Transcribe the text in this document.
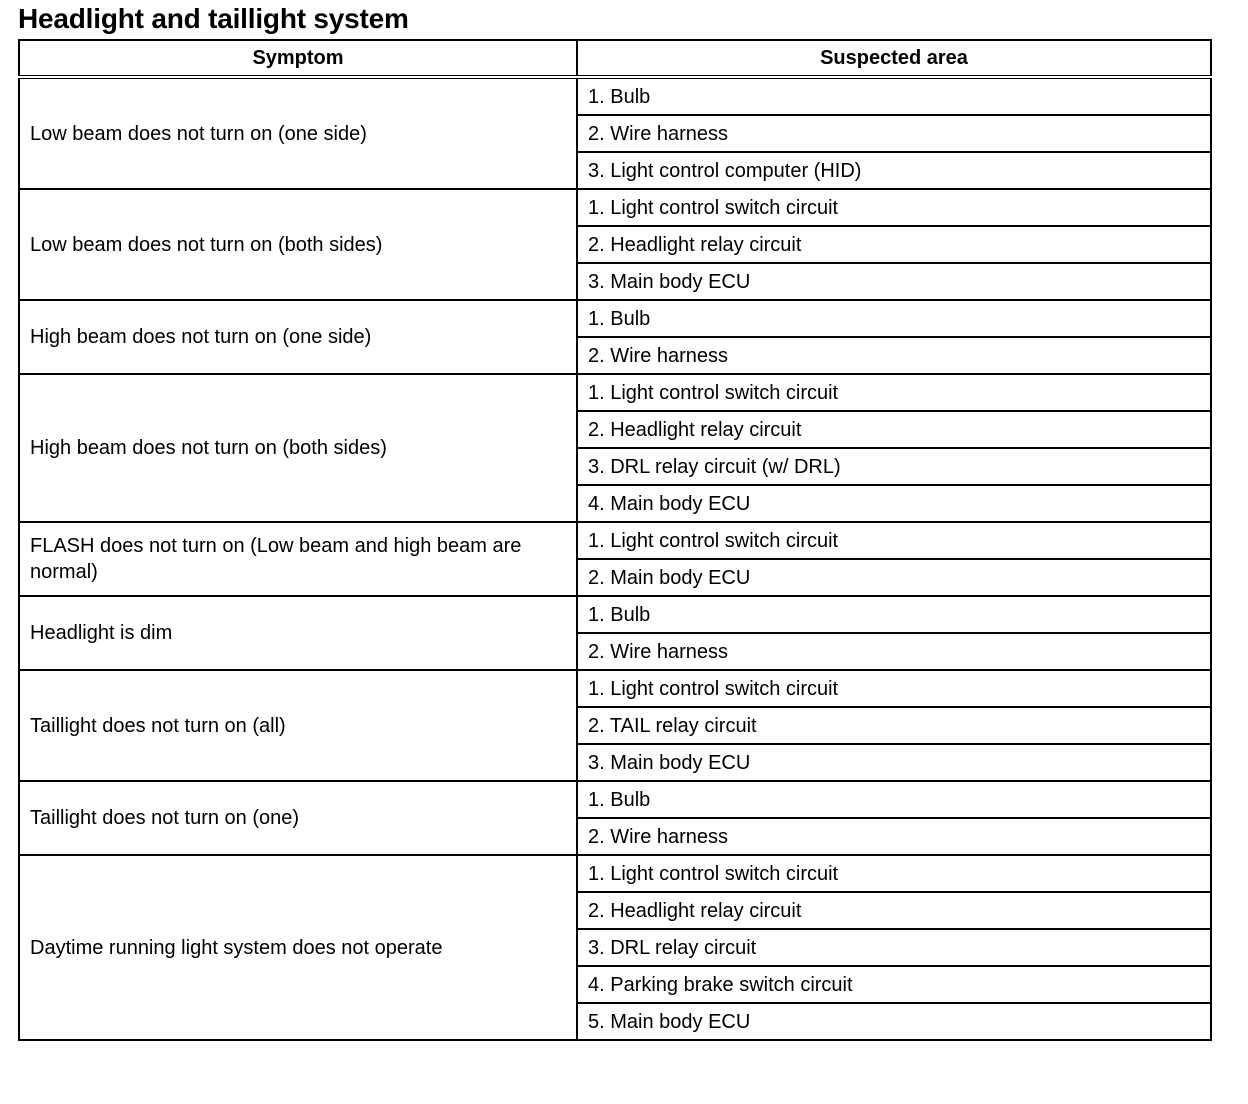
Headlight and taillight system
Symptom	Suspected area
Low beam does not turn on (one side)	1. Bulb
	2. Wire harness
	3. Light control computer (HID)
Low beam does not turn on (both sides)	1. Light control switch circuit
	2. Headlight relay circuit
	3. Main body ECU
High beam does not turn on (one side)	1. Bulb
	2. Wire harness
High beam does not turn on (both sides)	1. Light control switch circuit
	2. Headlight relay circuit
	3. DRL relay circuit (w/ DRL)
	4. Main body ECU
FLASH does not turn on (Low beam and high beam are normal)	1. Light control switch circuit
	2. Main body ECU
Headlight is dim	1. Bulb
	2. Wire harness
Taillight does not turn on (all)	1. Light control switch circuit
	2. TAIL relay circuit
	3. Main body ECU
Taillight does not turn on (one)	1. Bulb
	2. Wire harness
Daytime running light system does not operate	1. Light control switch circuit
	2. Headlight relay circuit
	3. DRL relay circuit
	4. Parking brake switch circuit
	5. Main body ECU
